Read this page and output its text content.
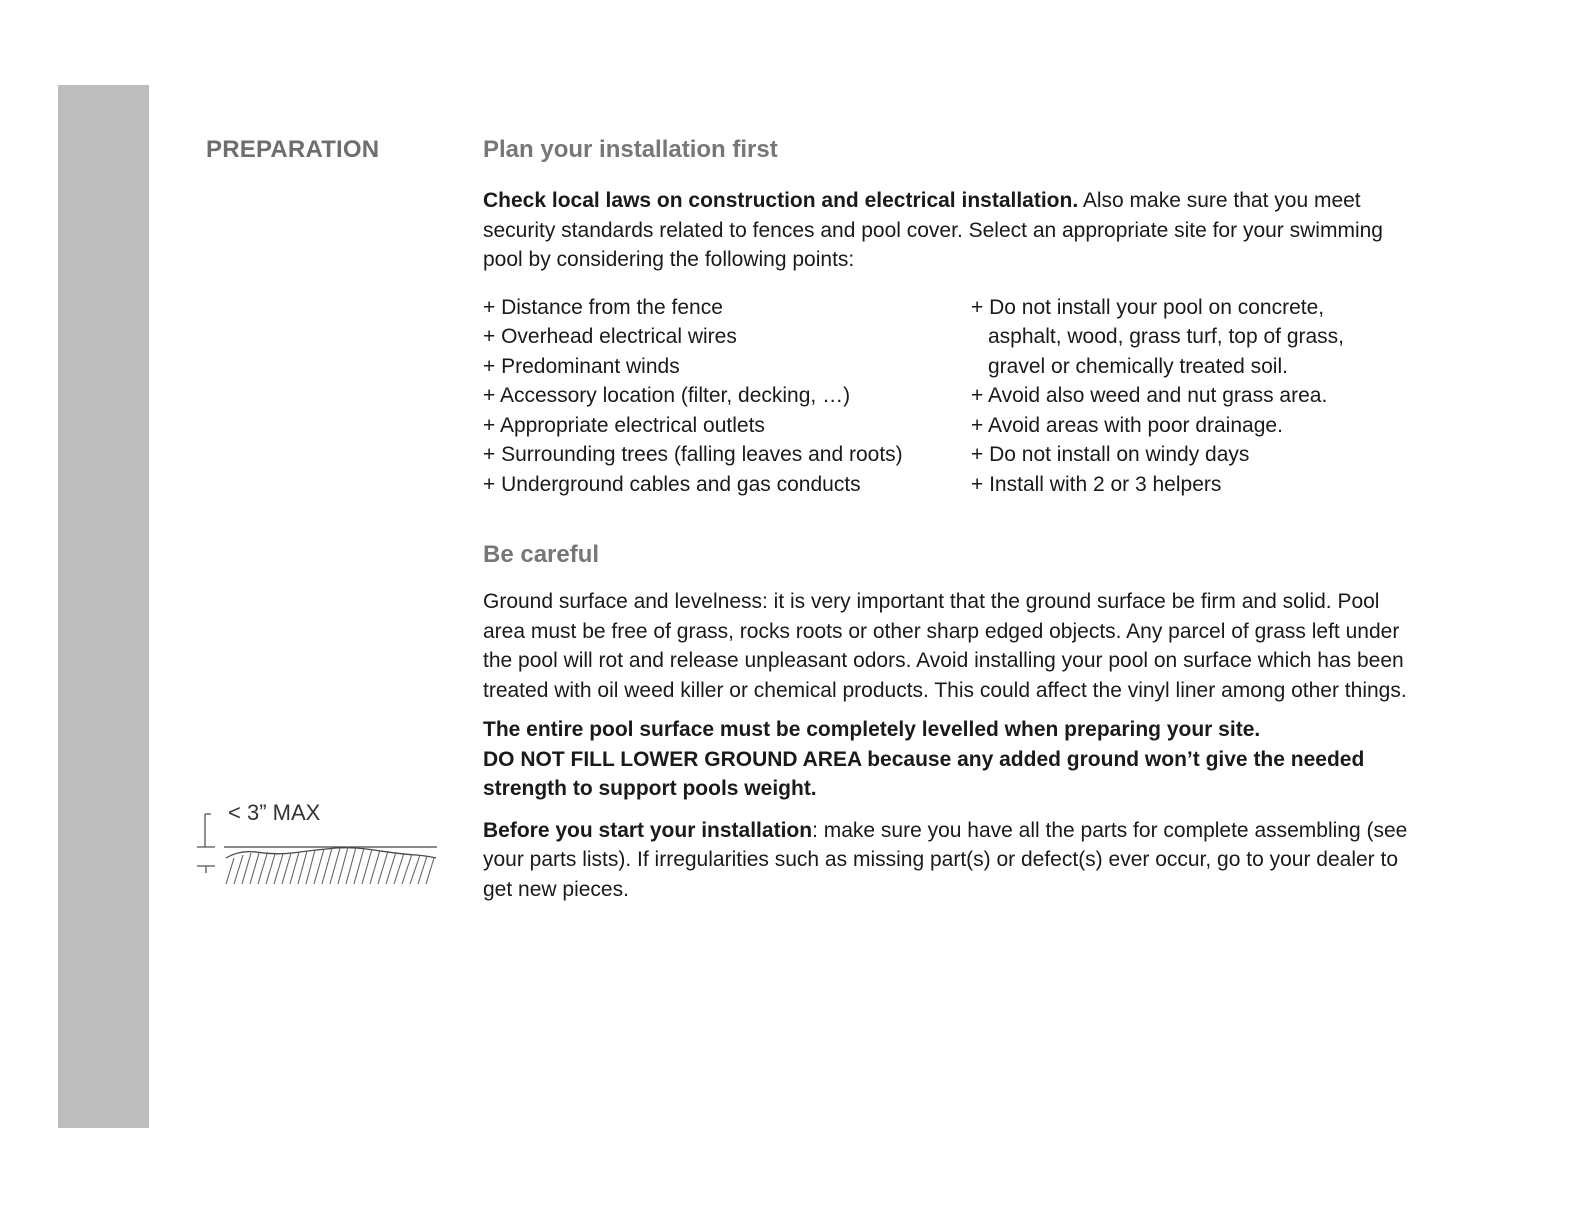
PREPARATION	Plan your installation first

Check local laws on construction and electrical installation. Also make sure that you meet security standards related to fences and pool cover. Select an appropriate site for your swimming pool by considering the following points:

+ Distance from the fence
+ Overhead electrical wires
+ Predominant winds
+ Accessory location (filter, decking, …)
+ Appropriate electrical outlets
+ Surrounding trees (falling leaves and roots)
+ Underground cables and gas conducts
+ Do not install your pool on concrete, asphalt, wood, grass turf, top of grass, gravel or chemically treated soil.
+ Avoid also weed and nut grass area.
+ Avoid areas with poor drainage.
+ Do not install on windy days
+ Install with 2 or 3 helpers
Be careful

Ground surface and levelness: it is very important that the ground surface be firm and solid. Pool area must be free of grass, rocks roots or other sharp edged objects. Any parcel of grass left under the pool will rot and release unpleasant odors. Avoid installing your pool on surface which has been treated with oil weed killer or chemical products. This could affect the vinyl liner among other things.

The entire pool surface must be completely levelled when preparing your site.
DO NOT FILL LOWER GROUND AREA because any added ground won’t give the needed strength to support pools weight.

Before you start your installation: make sure you have all the parts for complete assembling (see your parts lists). If irregularities such as missing part(s) or defect(s) ever occur, go to your dealer to get new pieces.

< 3” MAX
